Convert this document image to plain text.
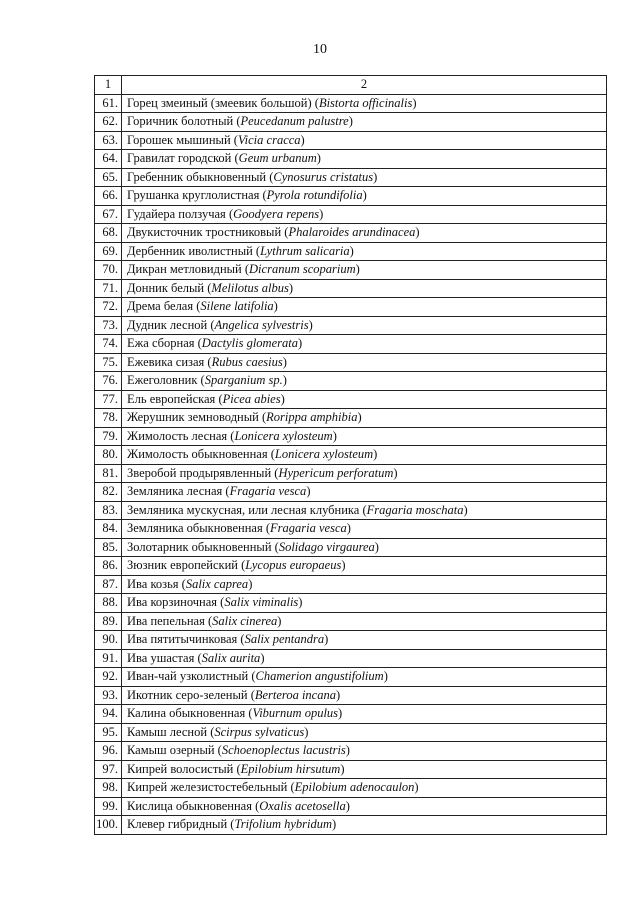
10
1	2
61.	Горец змеиный (змеевик большой) (Bistorta officinalis)
62.	Горичник болотный (Peucedanum palustre)
63.	Горошек мышиный (Vicia cracca)
64.	Гравилат городской (Geum urbanum)
65.	Гребенник обыкновенный (Cynosurus cristatus)
66.	Грушанка круглолистная (Pyrola rotundifolia)
67.	Гудайера ползучая (Goodyera repens)
68.	Двукисточник тростниковый (Phalaroides arundinacea)
69.	Дербенник иволистный (Lythrum salicaria)
70.	Дикран метловидный (Dicranum scoparium)
71.	Донник белый (Melilotus albus)
72.	Дрема белая (Silene latifolia)
73.	Дудник лесной (Angelica sylvestris)
74.	Ежа сборная (Dactylis glomerata)
75.	Ежевика сизая (Rubus caesius)
76.	Ежеголовник (Sparganium sp.)
77.	Ель европейская (Picea abies)
78.	Жерушник земноводный (Rorippa amphibia)
79.	Жимолость лесная (Lonicera xylosteum)
80.	Жимолость обыкновенная (Lonicera xylosteum)
81.	Зверобой продырявленный (Hypericum perforatum)
82.	Земляника лесная (Fragaria vesca)
83.	Земляника мускусная, или лесная клубника (Fragaria moschata)
84.	Земляника обыкновенная (Fragaria vesca)
85.	Золотарник обыкновенный (Solidago virgaurea)
86.	Зюзник европейский (Lycopus europaeus)
87.	Ива козья (Salix caprea)
88.	Ива корзиночная (Salix viminalis)
89.	Ива пепельная (Salix cinerea)
90.	Ива пятитычинковая (Salix pentandra)
91.	Ива ушастая (Salix aurita)
92.	Иван-чай узколистный (Chamerion angustifolium)
93.	Икотник серо-зеленый (Berteroa incana)
94.	Калина обыкновенная (Viburnum opulus)
95.	Камыш лесной (Scirpus sylvaticus)
96.	Камыш озерный (Schoenoplectus lacustris)
97.	Кипрей волосистый (Epilobium hirsutum)
98.	Кипрей железистостебельный (Epilobium adenocaulon)
99.	Кислица обыкновенная (Oxalis acetosella)
100.	Клевер гибридный (Trifolium hybridum)
